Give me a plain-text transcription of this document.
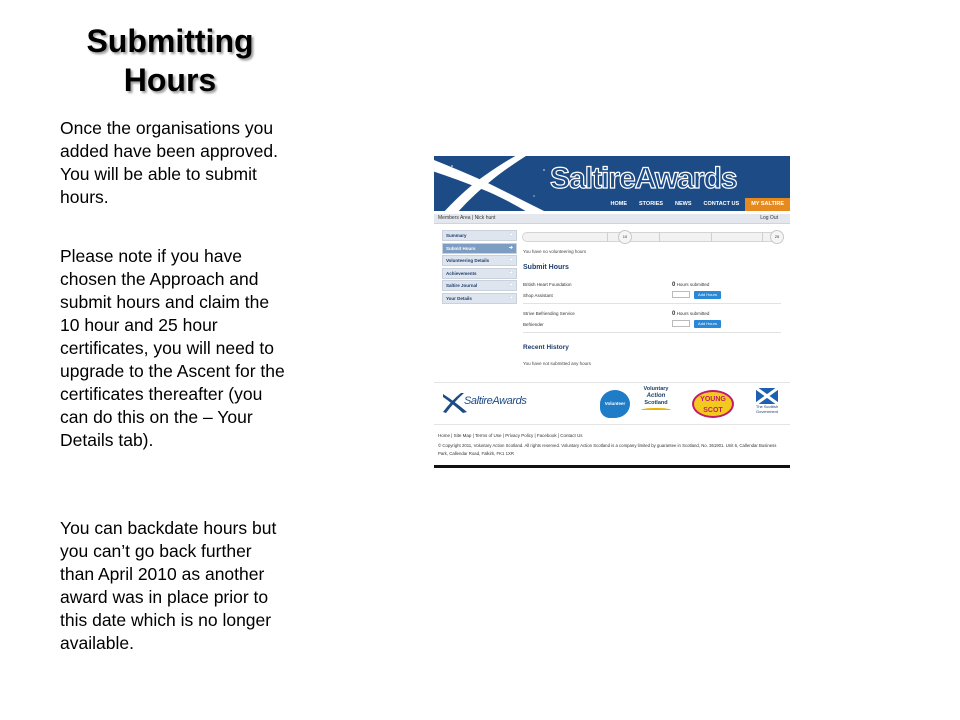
Submitting
Hours
Once the organisations you added have been approved. You will be able to submit hours.
Please note if you have chosen the Approach and submit hours and claim the 10 hour and 25 hour certificates, you will need to upgrade to the Ascent for the certificates thereafter (you can do this on the – Your Details tab).
You can backdate hours but you can’t go back further than April 2010 as another award was in place prior to this date which is no longer available.
SaltireAwards
HOME	STORIES	NEWS	CONTACT US	MY SALTIRE
Members Area | Nick hunt	Log Out
Summary	➜
Submit Hours	➜
Volunteering Details	➜
Achievements	➜
Saltire Journal	➜
Your Details	➜
10	25
You have no volunteering hours
Submit Hours
British Heart Foundation
Shop Assistant
0 Hours submitted
Add Hours
Strive Befriending Service
Befriender
0 Hours submitted
Add Hours
Recent History
You have not submitted any hours
SaltireAwards	Volunteer
Voluntary
Action
Scotland	YOUNG
SCOT
The Scottish
Government
Home | Site Map | Terms of Use | Privacy Policy | Facebook | Contact Us
© Copyright 2011, Voluntary Action Scotland. All rights reserved. Voluntary Action Scotland is a company limited by guarantee in Scotland, No. 361901. Unit 6, Callendar Business Park, Callendar Road, Falkirk, FK1 1XR
